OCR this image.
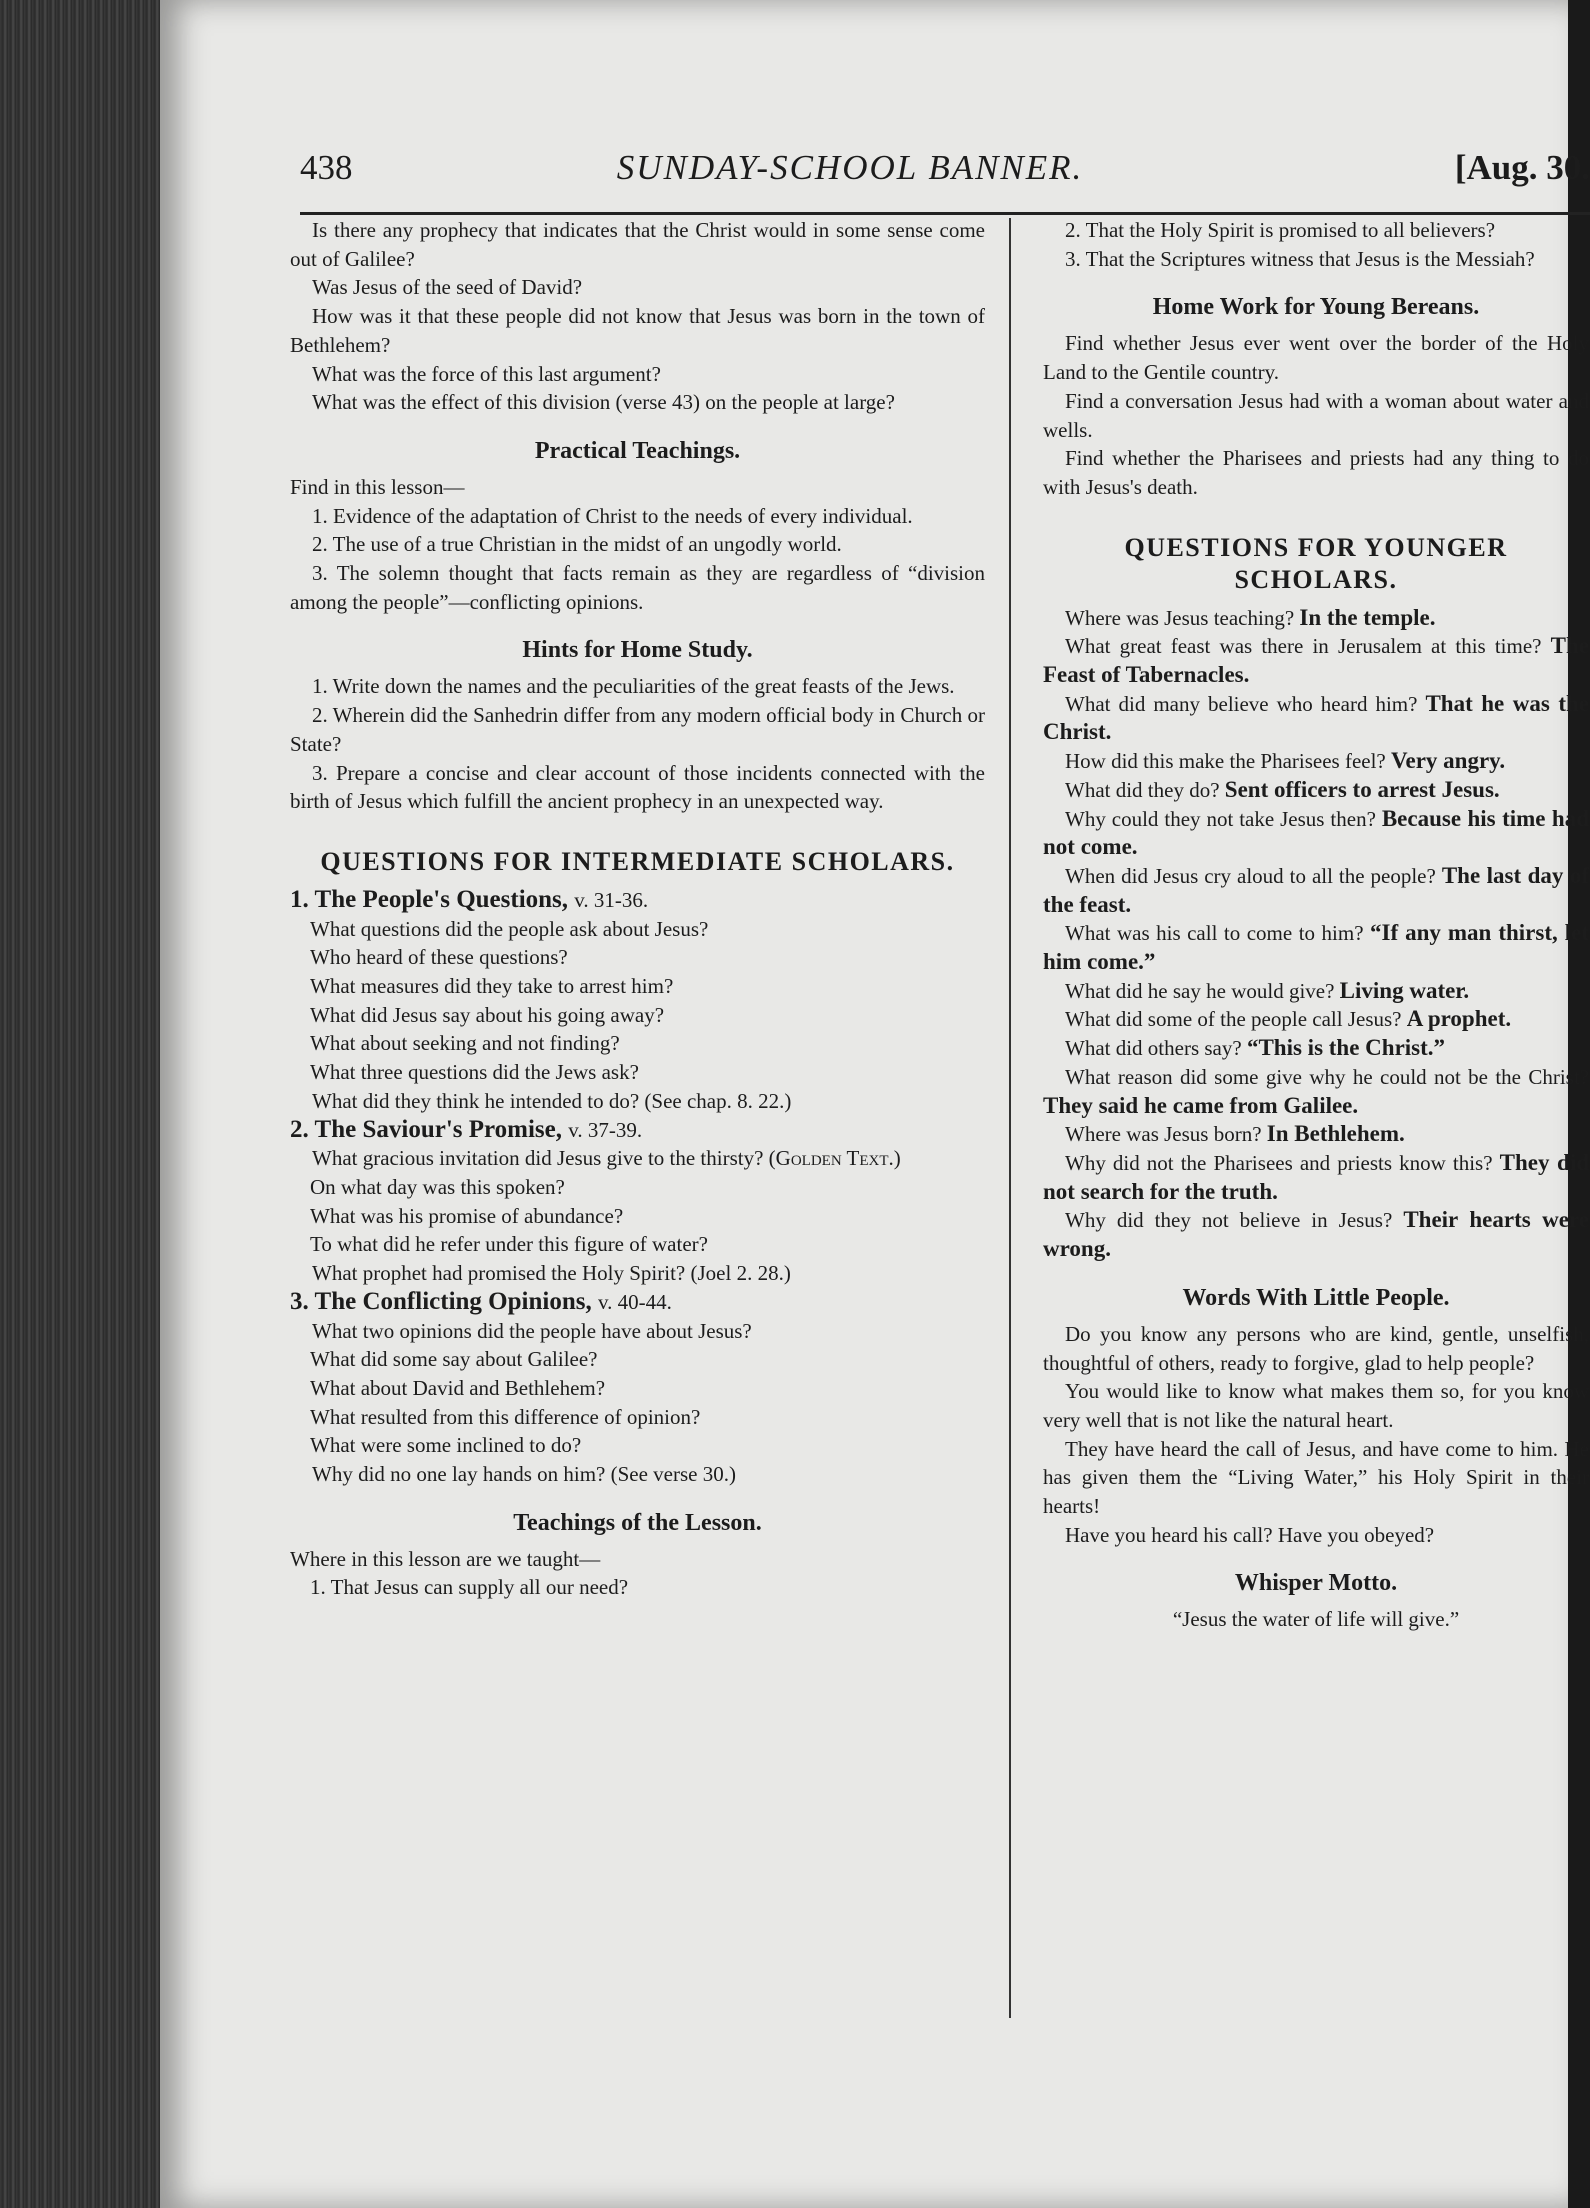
438	SUNDAY-SCHOOL BANNER.	[Aug. 30.

Is there any prophecy that indicates that the Christ would in some sense come out of Galilee?

Was Jesus of the seed of David?

How was it that these people did not know that Jesus was born in the town of Bethlehem?

What was the force of this last argument?

What was the effect of this division (verse 43) on the people at large?

Practical Teachings.

Find in this lesson—

1. Evidence of the adaptation of Christ to the needs of every individual.

2. The use of a true Christian in the midst of an ungodly world.

3. The solemn thought that facts remain as they are regardless of “division among the people”—conflicting opinions.

Hints for Home Study.

1. Write down the names and the peculiarities of the great feasts of the Jews.

2. Wherein did the Sanhedrin differ from any modern official body in Church or State?

3. Prepare a concise and clear account of those incidents connected with the birth of Jesus which fulfill the ancient prophecy in an unexpected way.

QUESTIONS FOR INTERMEDIATE SCHOLARS.

1. The People's Questions, v. 31-36.

What questions did the people ask about Jesus?

Who heard of these questions?

What measures did they take to arrest him?

What did Jesus say about his going away?

What about seeking and not finding?

What three questions did the Jews ask?

What did they think he intended to do? (See chap. 8. 22.)

2. The Saviour's Promise, v. 37-39.

What gracious invitation did Jesus give to the thirsty? (Golden Text.)

On what day was this spoken?

What was his promise of abundance?

To what did he refer under this figure of water?

What prophet had promised the Holy Spirit? (Joel 2. 28.)

3. The Conflicting Opinions, v. 40-44.

What two opinions did the people have about Jesus?

What did some say about Galilee?

What about David and Bethlehem?

What resulted from this difference of opinion?

What were some inclined to do?

Why did no one lay hands on him? (See verse 30.)

Teachings of the Lesson.

Where in this lesson are we taught—

1. That Jesus can supply all our need?

2. That the Holy Spirit is promised to all believers?

3. That the Scriptures witness that Jesus is the Messiah?

Home Work for Young Bereans.

Find whether Jesus ever went over the border of the Holy Land to the Gentile country.

Find a conversation Jesus had with a woman about water and wells.

Find whether the Pharisees and priests had any thing to do with Jesus's death.

QUESTIONS FOR YOUNGER SCHOLARS.

Where was Jesus teaching? In the temple.

What great feast was there in Jerusalem at this time? The Feast of Tabernacles.

What did many believe who heard him? That he was the Christ.

How did this make the Pharisees feel? Very angry.

What did they do? Sent officers to arrest Jesus.

Why could they not take Jesus then? Because his time had not come.

When did Jesus cry aloud to all the people? The last day of the feast.

What was his call to come to him? “If any man thirst, let him come.”

What did he say he would give? Living water.

What did some of the people call Jesus? A prophet.

What did others say? “This is the Christ.”

What reason did some give why he could not be the Christ? They said he came from Galilee.

Where was Jesus born? In Bethlehem.

Why did not the Pharisees and priests know this? They did not search for the truth.

Why did they not believe in Jesus? Their hearts were wrong.

Words With Little People.

Do you know any persons who are kind, gentle, unselfish, thoughtful of others, ready to forgive, glad to help people?

You would like to know what makes them so, for you know very well that is not like the natural heart.

They have heard the call of Jesus, and have come to him. He has given them the “Living Water,” his Holy Spirit in their hearts!

Have you heard his call? Have you obeyed?

Whisper Motto.

“Jesus the water of life will give.”
